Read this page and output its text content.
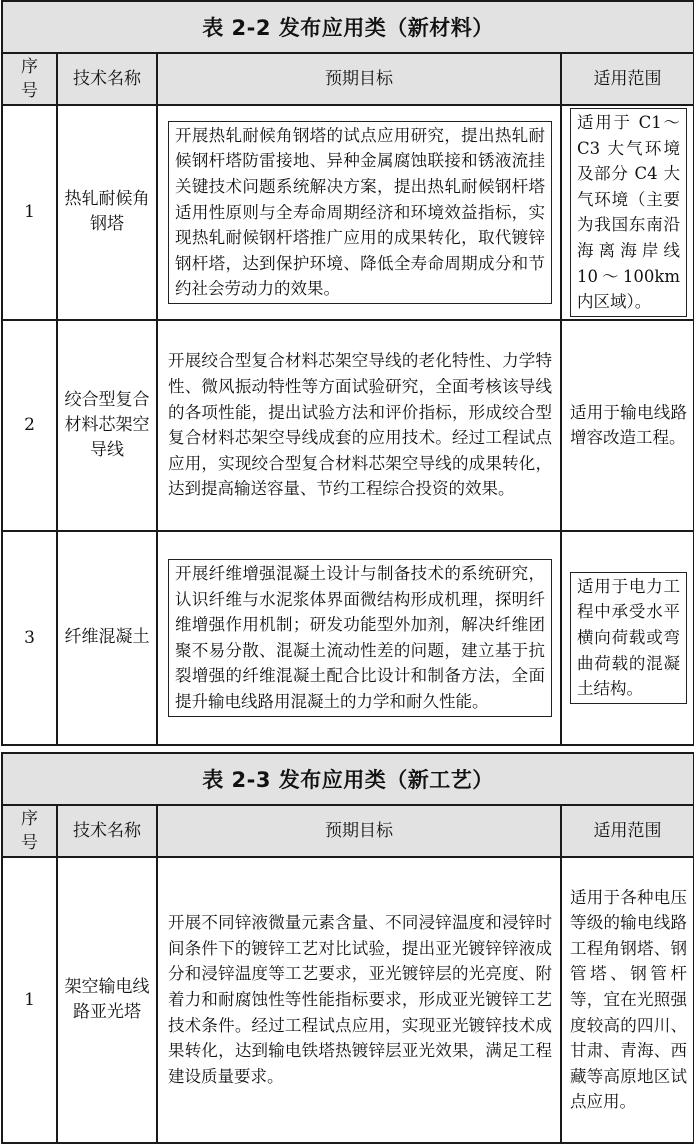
表 2-2 发布应用类（新材料）			
序号	技术名称	预期目标	适用范围
1	热轧耐候角钢塔	开展热轧耐候角钢塔的试点应用研究，提出热轧耐候钢杆塔防雷接地、异种金属腐蚀联接和锈液流挂关键技术问题系统解决方案，提出热轧耐候钢杆塔适用性原则与全寿命周期经济和环境效益指标，实现热轧耐候钢杆塔推广应用的成果转化，取代镀锌钢杆塔，达到保护环境、降低全寿命周期成分和节约社会劳动力的效果。	适用于 C1～C3 大气环境及部分 C4 大气环境（主要为我国东南沿海离海岸线10～100km内区域）。

2	绞合型复合材料芯架空导线	开展绞合型复合材料芯架空导线的老化特性、力学特性、微风振动特性等方面试验研究，全面考核该导线的各项性能，提出试验方法和评价指标，形成绞合型复合材料芯架空导线成套的应用技术。经过工程试点应用，实现绞合型复合材料芯架空导线的成果转化，达到提高输送容量、节约工程综合投资的效果。	适用于输电线路增容改造工程。
3	纤维混凝土	开展纤维增强混凝土设计与制备技术的系统研究，认识纤维与水泥浆体界面微结构形成机理，探明纤维增强作用机制；研发功能型外加剂，解决纤维团聚不易分散、混凝土流动性差的问题，建立基于抗裂增强的纤维混凝土配合比设计和制备方法，全面提升输电线路用混凝土的力学和耐久性能。	适用于电力工程中承受水平横向荷载或弯曲荷载的混凝土结构。

表 2-3 发布应用类（新工艺）			
序号	技术名称	预期目标	适用范围
1	架空输电线路亚光塔	开展不同锌液微量元素含量、不同浸锌温度和浸锌时间条件下的镀锌工艺对比试验，提出亚光镀锌锌液成分和浸锌温度等工艺要求，亚光镀锌层的光亮度、附着力和耐腐蚀性等性能指标要求，形成亚光镀锌工艺技术条件。经过工程试点应用，实现亚光镀锌技术成果转化，达到输电铁塔热镀锌层亚光效果，满足工程建设质量要求。	适用于各种电压等级的输电线路工程角钢塔、钢管塔、钢管杆等，宜在光照强度较高的四川、甘肃、青海、西藏等高原地区试点应用。
